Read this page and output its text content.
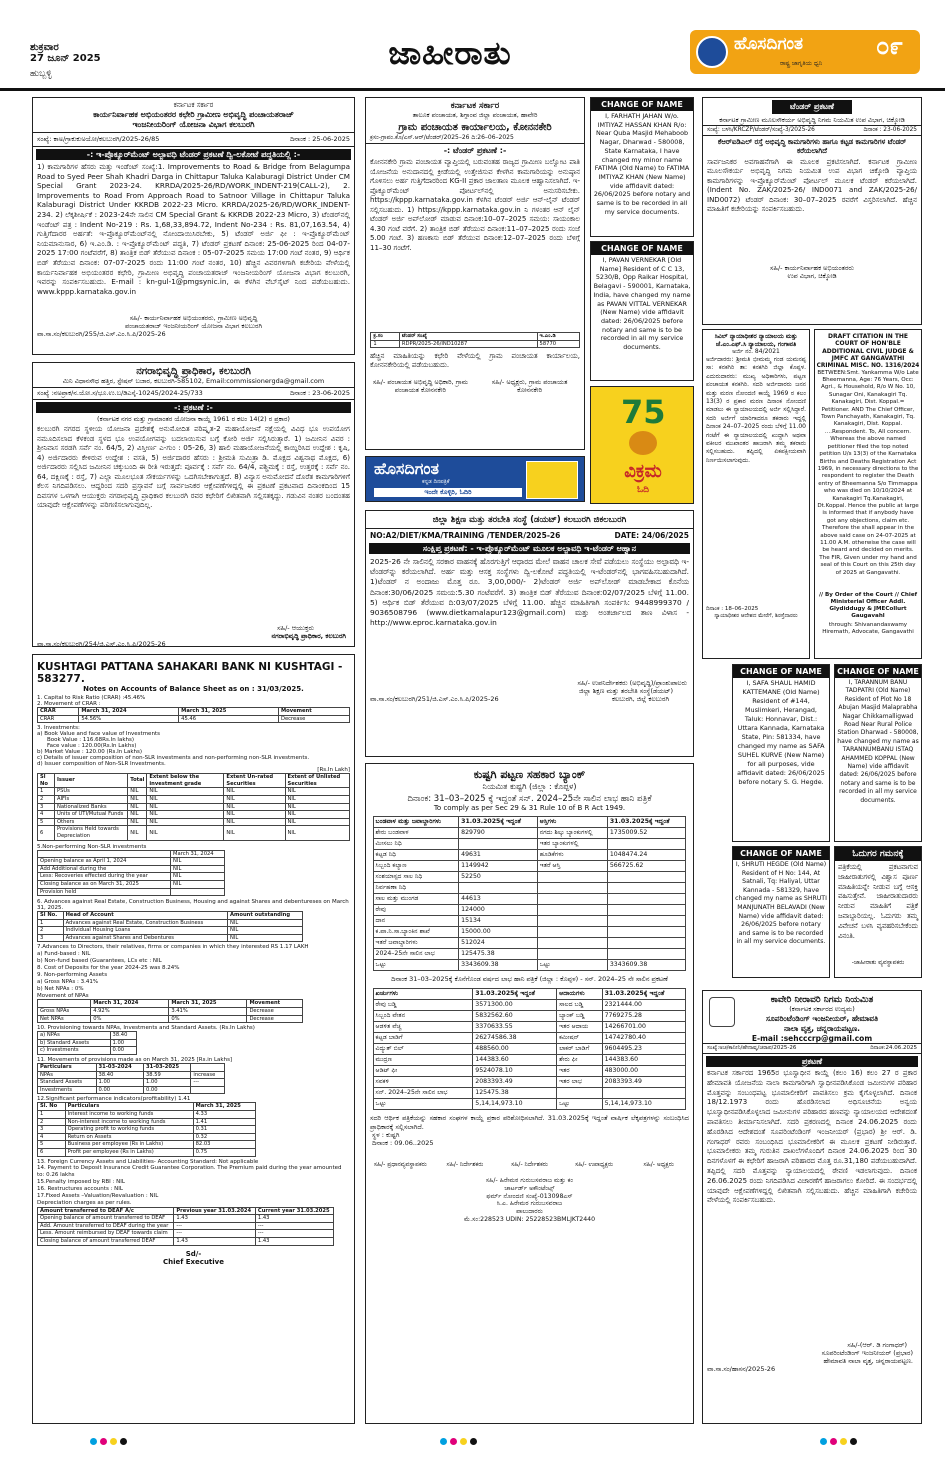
ಶುಕ್ರವಾರ
27 ಜೂನ್ 2025
ಹುಬ್ಬಳ್ಳಿ
ಜಾಹೀರಾತು	ಹೊಸದಿಗಂತ
ರಾಷ್ಟ್ರ ಜಾಗೃತಿಯ ಧ್ವನಿ
೦೯
ಕರ್ನಾಟಕ ಸರ್ಕಾರ
ಕಾರ್ಯನಿರ್ವಾಹಕ ಅಭಿಯಂತರರ ಕಛೇರಿ ಗ್ರಾಮೀಣ ಅಭಿವೃದ್ಧಿ ಪಂಚಾಯತರಾಜ್
ಇಂಜನೀಯರಿಂಗ್ ಯೋಜನಾ ವಿಭಾಗ ಕಲಬುರಗಿ
ಸಂಖ್ಯೆ: ಕಾಅ/ಗ್ರಾಕುಕುಅಯೋ/ಕಲಬುರಗಿ/2025-26/85	ದಿನಾಂಕ : 25-06-2025
-: ಇ-ಪ್ರೊಕ್ಯೂರ್‌ಮೆಂಟ್ ಅಲ್ಪಾವಧಿ ಟೆಂಡರ್ ಪ್ರಕಟಣೆ ದ್ವಿ-ಲಕೋಟೆ ಪದ್ಧತಿಯಲ್ಲಿ :-
1) ಕಾಮಗಾರಿಗಳ ಹೆಸರು ಮತ್ತು ಇಂಡೆಂಟ್ ಸಂಖ್ಯೆ:1. Improvements to Road & Bridge from Belagumpa Road to Syed Peer Shah Khadri Darga in Chittapur Taluka Kalaburagi District Under CM Special Grant 2023-24. KRRDA/2025-26/RD/WORK_INDENT-219(CALL-2), 2. Improvements to Road From Approach Road to Satnoor Village in Chittapur Taluka Kalaburagi District Under KKRDB 2022-23 Micro. KRRDA/2025-26/RD/WORK_INDENT-234. 2) ಲೆಕ್ಕಶೀರ್ಷಿಕೆ : 2023-24ನೇ ಸಾಲಿನ CM Special Grant & KKRDB 2022-23 Micro, 3) ಟೆಂಡರ್‌ನಲ್ಲಿ ಇಂಡೆಂಟ್ ಪತ್ರ : Indent No-219 : Rs. 1,68,33,894.72, Indent No-234 : Rs. 81,07,163.54, 4) ಗುತ್ತಿಗೆದಾರರ ಅರ್ಹತೆ: ಇ-ಪ್ರೊಕ್ಯೂರ್‌ಮೆಂಟ್‌ನಲ್ಲಿ ನೋಂದಾಯಿಸಿರಬೇಕು, 5) ಟೆಂಡರ್ ಅರ್ಜಿ ಫೀ : ಇ-ಪ್ರೊಕ್ಯೂರ್‌ಮೆಂಟ್ ನಿಯಮಾನುಸಾರ, 6) ಇ.ಎಂ.ಡಿ. : ಇ-ಪ್ರೊಕ್ಯೂರ್‌ಮೆಂಟ್ ಪದ್ಧತಿ, 7) ಟೆಂಡರ್ ಪ್ರಕಟಣೆ ದಿನಾಂಕ: 25-06-2025 ರಿಂದ 04-07-2025 17:00 ಗಂಟೆವರೆಗೆ, 8) ತಾಂತ್ರಿಕ ಬಿಡ್ ತೆರೆಯುವ ದಿನಾಂಕ : 05-07-2025 ಸಮಯ 17:00 ಗಂಟೆ ನಂತರ, 9) ಆರ್ಥಿಕ ಬಿಡ್ ತೆರೆಯುವ ದಿನಾಂಕ: 07-07-2025 ರಂದು 11:00 ಗಂಟೆ ನಂತರ, 10) ಹೆಚ್ಚಿನ ವಿವರಗಳಿಗಾಗಿ ಕಚೇರಿಯ ವೇಳೆಯಲ್ಲಿ ಕಾರ್ಯನಿರ್ವಾಹಕ ಅಭಿಯಂತರರ ಕಛೇರಿ, ಗ್ರಾಮೀಣ ಅಭಿವೃದ್ಧಿ ಪಂಚಾಯತರಾಜ್ ಇಂಜನೀಯರಿಂಗ್ ಯೋಜನಾ ವಿಭಾಗ ಕಲಬುರಗಿ, ಇವರನ್ನು ಸಂಪರ್ಕಿಸಬಹುದು. E-mail : kn-gul-1@pmgsynic.in, ಈ ಕೆಳಗಿನ ವೆಬ್‌ಸೈಟ್ ನಿಂದ ಪಡೆಯಬಹುದು. www.kppp.karnataka.gov.in
ಸಹಿ/- ಕಾರ್ಯನಿರ್ವಾಹಕ ಅಭಿಯಂತರರು, ಗ್ರಾಮೀಣ ಅಭಿವೃದ್ಧಿ
ಪಂಚಾಯತರಾಜ್ ಇಂಜನೀಯರಿಂಗ್ ಯೋಜನಾ ವಿಭಾಗ ಕಲಬುರಗಿ
ವಾ.ಸಾ.ಸಂ/ಕಲಬುರಗಿ/255/ಜಿ.ಎಸ್.ಎಂ.ಸಿ.ಪಿ/2025-26
ನಗರಾಭಿವೃದ್ಧಿ ಪ್ರಾಧಿಕಾರ, ಕಲಬುರಗಿ
ಮಿನಿ ವಿಧಾನಸೌಧ ಹತ್ತಿರ, ಸ್ಟೇಷನ್ ಬಜಾರ, ಕಲಬುರಗಿ-585102, Email:commissionergda@gmail.com
ಸಂಖ್ಯೆ :ನಅಪ್ರಾಕ/ನ.ಯೋ.ಸ/ಭೂ.ಉ.ಬ/ಡಿಎಸ್ಕೆ-10245/2024-25/733	ದಿನಾಂಕ : 23-06-2025
-: ಪ್ರಕಟಣೆ :-
(ಕರ್ನಾಟಕ ನಗರ ಮತ್ತು ಗ್ರಾಮಾಂತರ ಯೋಜನಾ ಕಾಯ್ದೆ 1961 ರ ಕಲಂ 14(2) ರ ಪ್ರಕಾರ)
ಕಲಬುರಗಿ ನಗರದ ಸ್ಥಳೀಯ ಯೋಜನಾ ಪ್ರದೇಶಕ್ಕೆ ಅನುಮೋದಿತ ಪರಿಷ್ಕೃತ-2 ಮಹಾಯೋಜನೆ ನಕ್ಷೆಯಲ್ಲಿ ವಿವಿಧ ಭೂ ಉಪಯೋಗ ನಮೂದಿಸಲಾದ ಕೆಳಕಂಡ ಸ್ಥಳದ ಭೂ ಉಪಯೋಗವನ್ನು ಬದಲಾಯಿಸುವ ಬಗ್ಗೆ ಕೋರಿ ಅರ್ಜಿ ಸಲ್ಲಿಸಿರುತ್ತಾರೆ. 1) ಜಮೀನಿನ ವಿವರ : ಶ್ರೀನಿವಾಸ ಸರಡಗಿ ಸರ್ವೆ ನಂ. 64/5, 2) ವಿಸ್ತೀರ್ಣ ಎ-ಗುಂ : 05-26, 3) ಹಾಲಿ ಮಹಾಯೋಜನೆಯಲ್ಲಿ ಕಾಯ್ದಿರಿಸಿದ ಉದ್ದೇಶ : ಕೃಷಿ, 4) ಅರ್ಜಿದಾರರು ಕೇಳಿರುವ ಉದ್ದೇಶ : ವಸತಿ, 5) ಅರ್ಜಿದಾರರ ಹೆಸರು : ಶ್ರೀಮತಿ ಸುಮಿತ್ರಾ ಡಿ. ಮೊಕ್ಷದ ವಿಶ್ವನಾಥ ಮೊಕ್ಷದ, 6) ಅರ್ಜಿದಾರರು ಸಲ್ಲಿಸಿದ ಜಮೀನಿನ ಚಕ್ಕುಬಂದಿ ಈ ರೀತಿ ಇರುತ್ತದೆ: ಪೂರ್ವಕ್ಕೆ : ಸರ್ವೆ ನಂ. 64/4, ಪಶ್ಚಿಮಕ್ಕೆ : ರಸ್ತೆ, ಉತ್ತರಕ್ಕೆ : ಸರ್ವೆ ನಂ. 64, ದಕ್ಷಿಣಕ್ಕೆ : ರಸ್ತೆ, 7) ಎಲ್ಲಾ ಮೂಲಭೂತ ಸೌಕರ್ಯಗಳನ್ನು ಒದಗಿಸಬೇಕಾಗುತ್ತದೆ. 8) ವಿನ್ಯಾಸ ಅನುಮೋದನೆ ದೊರೆತ ಕಾಮಗಾರಿಗಳಿಗೆ ಕೆಲಸ ನಿಗದಿಪಡಿಸಲು. ಆದ್ದರಿಂದ ಸದರಿ ಪ್ರಸ್ತಾವನೆ ಬಗ್ಗೆ ಸಾರ್ವಜನಿಕರ ಆಕ್ಷೇಪಣೆಗಳಿದ್ದಲ್ಲಿ ಈ ಪ್ರಕಟಣೆ ಪ್ರಕಟವಾದ ದಿನಾಂಕದಿಂದ 15 ದಿವಸಗಳ ಒಳಗಾಗಿ ಆಯುಕ್ತರು ನಗರಾಭಿವೃದ್ಧಿ ಪ್ರಾಧಿಕಾರ ಕಲಬುರಗಿ ರವರ ಕಛೇರಿಗೆ ಲಿಖಿತವಾಗಿ ಸಲ್ಲಿಸತಕ್ಕದ್ದು. ಗಡುವಿನ ನಂತರ ಬಂದಂತಹ ಯಾವುದೇ ಆಕ್ಷೇಪಣೆಗಳನ್ನು ಪರಿಗಣಿಸಲಾಗುವುದಿಲ್ಲ.
ಸಹಿ/- ಆಯುಕ್ತರು
ನಗರಾಭಿವೃದ್ಧಿ ಪ್ರಾಧಿಕಾರ, ಕಲಬುರಗಿ
ವಾ.ಸಾ.ಸಂ/ಕಲಬುರಗಿ/254/ಜಿ.ಎಸ್.ಎಂ.ಸಿ.ಪಿ/2025-26
KUSHTAGI PATTANA SAHAKARI BANK NI KUSHTAGI - 583277.
Notes on Accounts of Balance Sheet as on : 31/03/2025.
1. Capital to Risk Ratio (CRAR) :45.46%
2. Movement of CRAR :
CRAR	March 31, 2024	March 31, 2025	Movement
CRAR	54.56%	45.46	Decrease
3. Investments:
a) Book Value and face value of Investments
Book Value : 116.68Rs.In lakhs)
Face value : 120.00(Rs.In Lakhs)
b) Market Value : 120.00 (Rs.In Lakhs)
c) Details of issuer composition of non-SLR investments and non-performing non-SLR investments.
d) Issuer composition of Non-SLR Investments.
[Rs.In Lakh]
Sl No	Issuer	Total	Extent below the investment grade	Extent Un-rated Securities	Extent of Unlisted Securities
1	PSUs	NIL	NIL	NIL	NIL
2	AIFIs	NIL	NIL	NIL	NIL
3	Nationalized Banks	NIL	NIL	NIL	NIL
4	Units of UTI/Mutual Funds	NIL	NIL	NIL	NIL
5	Others	NIL	NIL	NIL	NIL
6	Provisions Held towards Depreciation	NIL	NIL	NIL	NIL
5.Non-performing Non-SLR investments
	March 31, 2024
Opening balance as April 1, 2024	NIL
Add Additional during the	NIL
Less: Recoveries effected during the year	NIL
Closing balance as on March 31, 2025	NIL
Provision held	
6. Advances against Real Estate, Construction Business, Housing and against Shares and debentureses on March 31, 2025.
Sl No.	Head of Account	Amount outstanding
1	Advances against Real Estate, Construction Business	NIL
2	Individual Housing Loans	NIL
3	Advances against Shares and Debentures	NIL
7.Advances to Directors, their relatives, firms or companies in which they interested RS 1.17 LAKH
a) Fund-based : NIL
b) Non-fund based (Guarantees, LCs etc : NIL
8. Cost of Deposits for the year 2024-25 was 8.24%
9. Non-performing Assets
a) Gross NPAs : 3.41%
b) Net NPAs : 0%
Movement of NPAs
	March 31, 2024	March 31, 2025	Movement
Gross NPAs	4.92%	3.41%	Decrease
Net NPAs	0%	0%	Decrease
10. Provisioning towards NPAs, Investments and Standard Assets. (Rs.In Lakhs)
a) NPAs	38.40
b) Standard Assets	1.00
c) Investments	0.00
11. Movements of provisions made as on March 31, 2025 [Rs.in Lakhs]
Particulars	31-03-2024	31-03-2025	
NPAs	38.40	38.59	increase
Standard Assets	1.00	1.00	---
Investments	0.00	0.00	
12.Significant performance indicators(profitability) 1.41
Sl. No	Particulars	March 31, 2025
1	Interest income to working funds	4.33
2	Non-interest income to working funds	1.41
3	Operating profit to working funds	0.31
4	Return on Assets	0.32
5	Business per employee (Rs in Lakhs)	82.03
6	Profit per employee (Rs in Lakhs)	0.75
13. Foreign Currency Assets and Liabilities- Accounting Standard: Not applicable
14. Payment to Deposit Insurance Credit Guarantee Corporation. The Premium paid during the year amounted to: 0.26 lakhs
15.Penalty imposed by RBI : NIL
16. Restructures accounts : NIL
17.Fixed Assets –Valuation/Revaluation : NIL
Depreciation charges as per rules.
Amount transferred to DEAF A/c	Previous year 31.03.2024	Current year 31.03.2025
Opening balance of amount transferred to DEAF	1.43	1.43
Add. Amount transferred to DEAF during the year	---	---
Less. Amount reimbursed by DEAF towards claim	---	---
Closing balance of amount transferred DEAF	1.43	1.43
Sd/-
Chief Executive
ಕರ್ನಾಟಕ ಸರ್ಕಾರ
ತಾಲೂಕ ಪಂಚಾಯತ, ಶಿಗ್ಗಾಂವ ಜಿಲ್ಲಾ ಪಂಚಾಯತ, ಹಾವೇರಿ
ಗ್ರಾಮ ಪಂಚಾಯತ ಕಾರ್ಯಾಲಯ, ಕೋನನಕೇರಿ
ಕ್ರಸಂ-ಗ್ರಾಪಂ.ಕೊ/ಎಸ್.ಆರ್/ಟೆಂಡರ್/2025–26 ದಿ:26–06–2025
-: ಟೆಂಡರ್ ಪ್ರಕಟಣೆ :-
ಕೋನನಕೇರಿ ಗ್ರಾಮ ಪಂಚಾಯತ ವ್ಯಾಪ್ತಿಯಲ್ಲಿ ಬರುವಂತಹ ರಾಜ್ಯದ ಗ್ರಾಮೀಣ ಬಲ್ವೋಟ ಪಾತಿ ಯೋಜನೆಯ ಅನುದಾನದಲ್ಲಿ ಕ್ರೀಡೆಯಲ್ಲಿ ಉತ್ತೇಜಿಸುವ ಕೇಳಗಿನ ಕಾಮಗಾರಿಯನ್ನು ಅನುಷ್ಠಾನ ಗೊಳಿಸಲು ಅರ್ಹ ಗುತ್ತಿಗೆದಾರರಿಂದ KG-II ಪ್ರಕಾರ ಜಾಲತಾಣ ಮೂಲಕ ಆಹ್ವಾನಿಸಲಾಗಿದೆ. ಇ-ಪ್ರೊಕ್ಯೂರ್‌ಮೆಂಟ್ ಪೋರ್ಟಲ್‌ನಲ್ಲಿ ಅನುಸರಿಸಬೇಕು. https://kppp.karnataka.gov.in ಕೆಳಗಿನ ಟೆಂಡರ್ ಅರ್ಜಿ ಆನ್-ಲೈನ್ ಟೆಂಡರ್ ಸಲ್ಲಿಸಬಹುದು. 1) https://kppp.karnataka.gov.in ನಿ ಗಳಂತರ ಆನ್ ಲೈನ್ ಟೆಂಡರ್ ಅರ್ಜಿ ಅಪ್‌ಲೋಡ್ ಮಾಡುವ ದಿನಾಂಕ:10–07–2025 ಸಮಯ: ಸಾಯಂಕಾಲ 4.30 ಗಂಟೆ ವರೆಗೆ. 2) ತಾಂತ್ರಿಕ ಬಿಡ್ ತೆರೆಯುವ ದಿನಾಂಕ:11–07–2025 ರಂದು ಸಂಜೆ 5.00 ಗಂಟೆ. 3) ಹಣಕಾಸು ಬಿಡ್ ತೆರೆಯುವ ದಿನಾಂಕ:12–07–2025 ರಂದು ಬೆಳಿಗ್ಗೆ 11–30 ಗಂಟೆಗೆ.
ಕ್ರ.ಸಂ	ಟೆಂಡರ್ ಸಂಖ್ಯೆ	ಇ.ಎಂ.ಡಿ
1	RDPR/2025-26/IND10287	58770
ಹೆಚ್ಚಿನ ಮಾಹಿತಿಯನ್ನು ಕಛೇರಿ ವೇಳೆಯಲ್ಲಿ ಗ್ರಾಮ ಪಂಚಾಯತ ಕಾರ್ಯಾಲಯ, ಕೋನನಕೇರಿಯಲ್ಲಿ ಪಡೆಯಬಹುದು.
ಸಹಿ/- ಪಂಚಾಯತ ಅಭಿವೃದ್ಧಿ ಅಧಿಕಾರಿ, ಗ್ರಾಮ ಪಂಚಾಯತ ಕೋನನಕೇರಿ
ಸಹಿ/- ಅಧ್ಯಕ್ಷರು, ಗ್ರಾಮ ಪಂಚಾಯತ ಕೋನನಕೇರಿ
CHANGE OF NAME
I, FARHATH JAHAN W/o. IMTIYAZ HASSAN KHAN R/o: Near Quba Masjid Mehaboob Nagar, Dharwad - 580008, State Karnataka, I have changed my minor name FATIMA (Old Name) to FATIMA IMTIYAZ KHAN (New Name) vide affidavit dated: 26/06/2025 before notary and same is to be recorded in all my service documents.
CHANGE OF NAME
I, PAVAN VERNEKAR [Old Name] Resident of C C 13, 5230/B, Opp Raikar Hospital, Belagavi - 590001, Karnataka, India, have changed my name as PAVAN VITTAL VERNEKAR (New Name) vide affidavit dated: 26/06/2025 before notary and same is to be recorded in all my service documents.
ಹೊಸದಿಗಂತ
ಕನ್ನಡ ದಿನಪತ್ರಿಕೆ
ಇಂದೇ ಕೊಳ್ಳಿರಿ, ಓದಿರಿ
75
ವಿಕ್ರಮ
ಓದಿ
ಜಿಲ್ಲಾ ಶಿಕ್ಷಣ ಮತ್ತು ತರಬೇತಿ ಸಂಸ್ಥೆ (ಡಯಟ್) ಕಲಬುರಗಿ ಜಿಕಲಬುರಗಿ
NO:A2/DIET/KMA/TRAINING /TENDER/2025-26	DATE: 24/06/2025
ಸಂಕ್ಷಿಪ್ತ ಪ್ರಕಟಣೆ: - ಇ-ಪ್ರೊಕ್ಯೂರ್‌ಮೆಂಟ್ ಮೂಲಕ ಅಲ್ಪಾವಧಿ ಇ-ಟೆಂಡರ್ ಆಹ್ವಾನ
2025-26 ನೇ ಸಾಲಿನಲ್ಲಿ ಸರಕಾರ ವಾಹನಕ್ಕೆ ಹೊರಗುತ್ತಿಗೆ ಆಧಾರದ ಮೇಲೆ ವಾಹನ ಚಾಲಕ ಸೇವೆ ಪಡೆಯಲು ಸಂಸ್ಥೆಯು ಅಲ್ಪಾವಧಿ ಇ-ಟೆಂಡರ್‌ನ್ನು ಕರೆಯಲಾಗಿದೆ. ಅರ್ಹ ಮತ್ತು ಆಸಕ್ತ ಸಂಸ್ಥೆಗಳು ದ್ವಿ-ಲಕೋಟೆ ಪದ್ಧತಿಯಲ್ಲಿ ಇ-ಟೆಂಡರ್‌ನಲ್ಲಿ ಭಾಗವಹಿಸಬಹುದಾಗಿದೆ. 1)ಟೆಂಡರ್ ನ ಅಂದಾಜು ಮೊತ್ತ ರೂ. 3,00,000/- 2)ಟೆಂಡರ್ ಅರ್ಜಿ ಅಪ್‌ಲೋಡ್ ಮಾಡಬೇಕಾದ ಕೊನೆಯ ದಿನಾಂಕ:30/06/2025 ಸಮಯ:5.30 ಗಂಟೆವರೆಗೆ. 3) ತಾಂತ್ರಿಕ ಬಿಡ್ ತೆರೆಯುವ ದಿನಾಂಕ:02/07/2025 ಬೆಳಿಗ್ಗೆ 11.00. 5) ಆರ್ಥಿಕ ಬಿಡ್ ತೆರೆಯುವ ದಿ:03/07/2025 ಬೆಳಿಗ್ಗೆ 11.00. ಹೆಚ್ಚಿನ ಮಾಹಿತಿಗಾಗಿ ಸಂಪರ್ಕಿಸಿ: 9448999370 / 9036508796 (www.dietkamalapur123@gmail.com) ಮತ್ತು ಅಂತರ್ಜಾಲದ ತಾಣ ವಿಳಾಸ - http://www.eproc.karnataka.gov.in
ಸಹಿ/- ಉಪನಿರ್ದೇಶಕರು (ಅಭಿವೃದ್ಧಿ)/ಪ್ರಾಂಶುಪಾಲರು
ಜಿಲ್ಲಾ ಶಿಕ್ಷಣ ಮತ್ತು ತರಬೇತಿ ಸಂಸ್ಥೆ(ಡಯಟ್)
ವಾ.ಸಾ.ಸಂ/ಕಲಬುರಗಿ/251/ಜಿ.ಎಸ್.ಎಂ.ಸಿ.ಪಿ/2025-26	ಕಲಬುರಗಿ, ಜಿಲ್ಲೆ ಕಲಬುರಗಿ
ಕುಷ್ಟಗಿ ಪಟ್ಟಣ ಸಹಕಾರ ಬ್ಯಾಂಕ್
ನಿಯಮಿತ ಕುಷ್ಟಗಿ (ಜಿಲ್ಲಾ : ಕೊಪ್ಪಳ)
ದಿನಾಂಕ: 31–03–2025 ಕ್ಕೆ ಇದ್ದಂತೆ ಸನ್. 2024–25ನೇ ಸಾಲಿನ ಲಾಭ ಹಾನಿ ಪತ್ರಿಕೆ
To comply as per Sec 29 & 31 Rule 10 of B R Act 1949.
ಬಂಡವಾಳ ಮತ್ತು ಜವಾಬ್ದಾರಿಗಳು	31.03.2025ಕ್ಕೆ ಇದ್ದಂತೆ	ಆಸ್ತಿಗಳು	31.03.2025ಕ್ಕೆ ಇದ್ದಂತೆ
ಶೇರು ಬಂಡವಾಳ	829790	ನಗದು ಶಿಲ್ಕು ಬ್ಯಾಂಕುಗಳಲ್ಲಿ	1735009.52
ಮೀಸಲು ನಿಧಿ		ಇತರ ಬ್ಯಾಂಕುಗಳಲ್ಲಿ	
ಕಟ್ಟಡ ನಿಧಿ	49631	ಹೂಡಿಕೆಗಳು	1048474.24
ಸಿಬ್ಬಂದಿ ಕಲ್ಯಾಣ	1149942	ಇತರೆ ಆಸ್ತಿ	566725.62
ಸಂಶಯಾಸ್ಪದ ಸಾಲ ನಿಧಿ	52250		
ನಿರ್ವಹಣಾ ನಿಧಿ			
ಸಾಲ ಮತ್ತು ಮುಂಗಡ	44613		
ಠೇವು	124000		
ದಾನ	15134		
ಕ.ಪಾ.ನಿ.ಸಾ.ಬ್ಯಾಂಕಿನ ಶಾಖೆ	15000.00		
ಇತರೆ ಜವಾಬ್ದಾರಿಗಳು	512024		
2024–25ನೇ ಸಾಲಿನ ಲಾಭ	125475.38		
ಒಟ್ಟು	3343609.38	ಒಟ್ಟು	3343609.38
ದಿನಾಂಕ 31–03–2025ಕ್ಕೆ ಕೊನೆಗೊಂಡ ವರ್ಷದ ಲಾಭ ಹಾನಿ ಪತ್ರಿಕೆ (ಜಿಲ್ಲಾ : ಕೊಪ್ಪಳ) - ಸನ್. 2024–25 ನೇ ಸಾಲಿನ ಪ್ರಕಟಣೆ
ಖರ್ಚುಗಳು	31.03.2025ಕ್ಕೆ ಇದ್ದಂತೆ	ಆದಾಯಗಳು	31.03.2025ಕ್ಕೆ ಇದ್ದಂತೆ
ಠೇವು ಬಡ್ಡಿ	3571300.00	ಸಾಲದ ಬಡ್ಡಿ	2321444.00
ಸಿಬ್ಬಂದಿ ವೇತನ	5832562.60	ಬ್ಯಾಂಕ್ ಬಡ್ಡಿ	7769275.28
ಆಡಳಿತ ವೆಚ್ಚ	3370633.55	ಇತರ ಆದಾಯ	14266701.00
ಕಟ್ಟಡ ಬಾಡಿಗೆ	26274586.38	ಕಮೀಷನ್	14742780.40
ವಿದ್ಯುತ್ ಬಿಲ್	488560.00	ಲಾಕರ್ ಬಾಡಿಗೆ	9604495.23
ಮುದ್ರಣ	144383.60	ಶೇರು ಫೀ	144383.60
ಆಡಿಟ್ ಫೀ	9524078.10	ಇತರ	483000.00
ಸವಕಳಿ	2083393.49	ಇತರ ಲಾಭ	2083393.49
ಸನ್. 2024–25ನೇ ಸಾಲಿನ ಲಾಭ	125475.38		
ಒಟ್ಟು	5,14,14,973.10	ಒಟ್ಟು	5,14,14,973.10
ಸದರಿ ಆರ್ಥಿಕ ಪತ್ರಿಕೆಯನ್ನು ಸಹಕಾರ ಸಂಘಗಳ ಕಾಯ್ದೆ ಪ್ರಕಾರ ಪರಿಶೋಧಿಸಲಾಗಿದೆ. 31.03.2025ಕ್ಕೆ ಇದ್ದಂತೆ ವಾರ್ಷಿಕ ಲೆಕ್ಕಪತ್ರಗಳನ್ನು ಸಂಬಂಧಿಸಿದ ಪ್ರಾಧಿಕಾರಕ್ಕೆ ಸಲ್ಲಿಸಲಾಗಿದೆ.
ಸ್ಥಳ : ಕುಷ್ಟಗಿ
ದಿನಾಂಕ : 09.06..2025
ಸಹಿ/- ಪ್ರಧಾನವ್ಯವಸ್ಥಾಪಕರು	ಸಹಿ/- ನಿರ್ದೇಶಕರು	ಸಹಿ/- ನಿರ್ದೇಶಕರು	ಸಹಿ/- ಉಪಾಧ್ಯಕ್ಷರು	ಸಹಿ/- ಅಧ್ಯಕ್ಷರು
ಸಹಿ/- ಹಿರೇಮಠ ಗುರುಬಸವರಾಜ ಮತ್ತು ಕಂ
ಚಾರ್ಟರ್ಡ್ ಅಕೌಂಟೆಂಟ್ಸ್
ಫರ್ಮ್ ನೋಂದಣಿ ಸಂಖ್ಯೆ-013098ಎಸ್
ಸಿ.ಎ. ಹಿರೇಮಠ ಗುರುಬಸವರಾಜ
ಪಾಲುದಾರರು
ಮೆ.ಸಂ:228523 UDIN: 25228523BMLJKT2440
ಟೆಂಡರ್ ಪ್ರಕಟಣೆ
ಕರ್ನಾಟಕ ಗ್ರಾಮೀಣ ಮೂಲಸೌಕರ್ಯ ಅಭಿವೃದ್ಧಿ ನಿಗಮ ನಿಯಮಿತ ಉಪ ವಿಭಾಗ, ಚಿಕ್ಕೋಡಿ
ಸಂಖ್ಯೆ: ಬಳಸಿ/KRCZP/ಟೆಂಡರ್/ಸಂಖ್ಯೆ-3/2025-26	ದಿನಾಂಕ : 23-06-2025
ಕೆಆರ್‌ಐಡಿಎಲ್ ರಸ್ತೆ ಅಭಿವೃದ್ಧಿ ಕಾಮಗಾರಿಗಳು ಹಾಗೂ ಕಟ್ಟಡ ಕಾಮಗಾರಿಗಳ ಟೆಂಡರ್ ಕರೆಯಲಾಗಿದೆ
ಸಾರ್ವಜನಿಕರ ಅವಗಾಹನೆಗಾಗಿ ಈ ಮೂಲಕ ಪ್ರಕಟಿಸಲಾಗಿದೆ. ಕರ್ನಾಟಕ ಗ್ರಾಮೀಣ ಮೂಲಸೌಕರ್ಯ ಅಭಿವೃದ್ಧಿ ನಿಗಮ ನಿಯಮಿತ ಉಪ ವಿಭಾಗ ಚಿಕ್ಕೋಡಿ ವ್ಯಾಪ್ತಿಯ ಕಾಮಗಾರಿಗಳನ್ನು ಇ-ಪ್ರೊಕ್ಯೂರ್‌ಮೆಂಟ್ ಪೋರ್ಟಲ್ ಮೂಲಕ ಟೆಂಡರ್ ಕರೆಯಲಾಗಿದೆ. (Indent No. ZAK/2025-26/ IND0071 and ZAK/2025-26/ IND0072) ಟೆಂಡರ್ ದಿನಾಂಕ: 30–07–2025 ರವರೆಗೆ ವಿಸ್ತರಿಸಲಾಗಿದೆ. ಹೆಚ್ಚಿನ ಮಾಹಿತಿಗೆ ಕಚೇರಿಯನ್ನು ಸಂಪರ್ಕಿಸಬಹುದು.
ಸಹಿ/- ಕಾರ್ಯನಿರ್ವಾಹಕ ಅಭಿಯಂತರರು
ಉಪ ವಿಭಾಗ, ಚಿಕ್ಕೋಡಿ
ಸಿವಿಲ್ ನ್ಯಾಯಾಧೀಶರ ನ್ಯಾಯಾಲಯ ಮತ್ತು ಜೆ.ಎಂ.ಎಫ್.ಸಿ ನ್ಯಾಯಾಲಯ, ಗಂಗಾವತಿ
ಅರ್ಜಿ ನಂ. 84/2021
ಅರ್ಜಿದಾರರು: ಶ್ರೀಮತಿ ಭೀಮಮ್ಮ ಗಂಡ ಯಮನಪ್ಪ ಸಾ: ಕನಕಗಿರಿ ತಾ: ಕನಕಗಿರಿ ಜಿಲ್ಲಾ ಕೊಪ್ಪಳ. ಎದುರುದಾರರು: ಮುಖ್ಯ ಅಧಿಕಾರಿಗಳು, ಪಟ್ಟಣ ಪಂಚಾಯತ ಕನಕಗಿರಿ. ಸದರಿ ಅರ್ಜಿದಾರರು ಜನನ ಮತ್ತು ಮರಣ ನೋಂದಣಿ ಕಾಯ್ದೆ 1969 ರ ಕಲಂ 13(3) ರ ಪ್ರಕಾರ ಮರಣ ದಿನಾಂಕ ನೋಂದಣಿ ಮಾಡಲು ಈ ನ್ಯಾಯಾಲಯದಲ್ಲಿ ಅರ್ಜಿ ಸಲ್ಲಿಸಿದ್ದಾರೆ. ಸದರಿ ಅರ್ಜಿಗೆ ಯಾರಿಗಾದರೂ ತಕರಾರು ಇದ್ದಲ್ಲಿ ದಿನಾಂಕ 24–07–2025 ರಂದು ಬೆಳಿಗ್ಗೆ 11.00 ಗಂಟೆಗೆ ಈ ನ್ಯಾಯಾಲಯದಲ್ಲಿ ಖುದ್ದಾಗಿ ಅಥವಾ ವಕೀಲರ ಮುಖಾಂತರ ಹಾಜರಾಗಿ ತಮ್ಮ ತಕರಾರು ಸಲ್ಲಿಸಬಹುದು. ತಪ್ಪಿದಲ್ಲಿ ಏಕಪಕ್ಷೀಯವಾಗಿ ನಿರ್ಣಯಿಸಲಾಗುವುದು.
ದಿನಾಂಕ : 18–06–2025
ನ್ಯಾಯಾಧೀಶರ ಆದೇಶದ ಮೇರೆಗೆ, ಶಿರಸ್ತೆದಾರರು
DRAFT CITATION IN THE COURT OF HON'BLE ADDITIONAL CIVIL JUDGE & JMFC AT GANGAVATHI
CRIMINAL MISC. NO. 1316/2024
BETWEEN:Smt. Yankamma W/o Late Bheemanna, Age: 76 Years, Occ: Agri., & Household, R/o W No. 10, Sunagar Oni, Kanakagiri Tq. Kanakagiri, Dist. Koppal.= Petitioner. AND The Chief Officer, Town Panchayath, Kanakagiri, Tq. Kanakagiri, Dist. Koppal. ....Respondent. To, All concern. Whereas the above named petitioner filed the top noted petition U/s 13(3) of the Karnataka Births and Deaths Registration Act 1969, in necessary directions to the respondent to register the Death entry of Bheemanna S/o Timmappa who was died on 10/10/2024 at Kanakagiri Tq.Kanakagiri, Dt.Koppal. Hence the public at large is informed that if anybody have got any objections, claim etc. Therefore the shall appear in the above said case on 24-07-2025 at 11.00 A.M. otherwise the case will be heard and decided on merits. The FIR, Given under my hand and seal of this Court on this 25th day of 2025 at Gangavathi.
// By Order of the Court // Chief Ministerial Officer Addl. Glydiddugy & JMECollurt Gaugavahl
through: Shivanandaswamy Hiremath, Advocate, Gangavathi
CHANGE OF NAME
I, SAFA SHAUL HAMID KATTEMANE (Old Name) Resident of #144, Muslimkeri, Herangad, Taluk: Honnavar, Dist.: Uttara Kannada, Karnataka State, Pin: 581334, have changed my name as SAFA SUHEL KURVE (New Name) for all purposes, vide affidavit dated: 26/06/2025 before notary S. G. Hegde.
CHANGE OF NAME
I, TARANNUM BANU TADPATRI (Old Name) Resident of Plot No 18 Abujan Masjid Malaprabha Nagar Chikkamalligwad Road Near Rural Police Station Dharwad - 580008, have changed my name as TARANNUMBANU ISTAQ AHAMMED KOPPAL (New Name) vide affidavit dated: 26/06/2025 before notary and same is to be recorded in all my service documents.
CHANGE OF NAME
I, SHRUTI HEGDE (Old Name) Resident of H No: 144, At Satnali, Tq: Haliyal, Uttar Kannada - 581329, have changed my name as SHRUTI MANJUNATH BELAVADI (New Name) vide affidavit dated: 26/06/2025 before notary and same is to be recorded in all my service documents.
ಓದುಗರ ಗಮನಕ್ಕೆ
ಪತ್ರಿಕೆಯಲ್ಲಿ ಪ್ರಕಟವಾಗುವ ಜಾಹೀರಾತುಗಳಲ್ಲಿ ವಿಶ್ವಾಸ ಪೂರ್ಣ ಮಾಹಿತಿಯನ್ನೇ ನೀಡುವ ಬಗ್ಗೆ ಆಸಕ್ತಿ ವಹಿಸುತ್ತೇವೆ. ಜಾಹೀರಾತುದಾರರು ನೀಡುವ ಮಾಹಿತಿಗೆ ಪತ್ರಿಕೆ ಜವಾಬ್ದಾರಿಯಲ್ಲ. ಓದುಗರು ತಮ್ಮ ವಿವೇಚನೆ ಬಳಸಿ ವ್ಯವಹರಿಸಬೇಕೆಂದು ವಿನಂತಿ.
-ಜಾಹೀರಾತು ವ್ಯವಸ್ಥಾಪಕರು
ಕಾವೇರಿ ನೀರಾವರಿ ನಿಗಮ ನಿಯಮಿತ
(ಕರ್ನಾಟಕ ಸರ್ಕಾರದ ಉದ್ಯಮ)
ಸೂಪರಿಂಟೆಂಡಿಂಗ್ ಇಂಜನೀಯರ್, ಹೇಮಾವತಿ
ನಾಲಾ ವೃತ್ತ, ಚನ್ನರಾಯಪಟ್ಟಣ.
E-mail :sehcccrp@gmail.com
ಸಂಖ್ಯೆ:ಅಚ/ಕಾನೀನಿ/ಹೇನಾವೃ/ಚರಾಪ/2025-26	ದಿನಾಂಕ:24.06.2025
ಪ್ರಕಟಣೆ
ಕರ್ನಾಟಕ ಸರ್ಕಾರದ 1965ರ ಭೂಸ್ವಾಧೀನ ಕಾಯ್ದೆ (ಕಲಂ 16) ಕಲಂ 27 ರ ಪ್ರಕಾರ ಹೇಮಾವತಿ ಯೋಜನೆಯ ನಾಲಾ ಕಾಮಗಾರಿಗಾಗಿ ಸ್ವಾಧೀನಪಡಿಸಿಕೊಂಡ ಜಮೀನುಗಳ ಪರಿಹಾರ ಮೊತ್ತವನ್ನು ಸಂಬಂಧಪಟ್ಟ ಭೂಮಾಲೀಕರಿಗೆ ಪಾವತಿಸಲು ಕ್ರಮ ಕೈಗೊಳ್ಳಲಾಗಿದೆ. ದಿನಾಂಕ 18/12.1973 ರಂದು ಹೊರಡಿಸಲಾದ ಅಧಿಸೂಚನೆಯ ಅನ್ವಯ ಭೂಸ್ವಾಧೀನಪಡಿಸಿಕೊಳ್ಳಲಾದ ಜಮೀನುಗಳ ಪರಿಹಾರದ ಹಣವನ್ನು ನ್ಯಾಯಾಲಯದ ಆದೇಶದಂತೆ ಪಾವತಿಸಲು ತೀರ್ಮಾನಿಸಲಾಗಿದೆ. ಸದರಿ ಪ್ರಕರಣದಲ್ಲಿ ದಿನಾಂಕ 24.06.2025 ರಂದು ಹೊರಡಿಸಿದ ಆದೇಶದಂತೆ ಸೂಪರಿಂಟೆಂಡಿಂಗ್ ಇಂಜನೀಯರ್ (ಪ್ರಭಾರ) ಶ್ರೀ ಆರ್. ಡಿ. ಗಂಗಾಧರ್ ರವರು ಸಂಬಂಧಿಸಿದ ಭೂಮಾಲೀಕರಿಗೆ ಈ ಮೂಲಕ ಪ್ರಕಟಣೆ ನೀಡಿರುತ್ತಾರೆ. ಭೂಮಾಲೀಕರು ತಮ್ಮ ಗುರುತಿನ ದಾಖಲೆಗಳೊಂದಿಗೆ ದಿನಾಂಕ 24.06.2025 ರಿಂದ 30 ದಿನಗಳೊಳಗೆ ಈ ಕಛೇರಿಗೆ ಹಾಜರಾಗಿ ಪರಿಹಾರದ ಮೊತ್ತ ರೂ.31,180 ಪಡೆಯಬಹುದಾಗಿದೆ. ತಪ್ಪಿದಲ್ಲಿ ಸದರಿ ಮೊತ್ತವನ್ನು ನ್ಯಾಯಾಲಯದಲ್ಲಿ ಠೇವಣಿ ಇಡಲಾಗುವುದು. ದಿನಾಂಕ 26.06.2025 ರಂದು ನಿಗದಿಪಡಿಸಿದ ವಿಚಾರಣೆಗೆ ಹಾಜರಾಗಲು ಕೋರಿದೆ. ಈ ಸಂದರ್ಭದಲ್ಲಿ ಯಾವುದೇ ಆಕ್ಷೇಪಣೆಗಳಿದ್ದಲ್ಲಿ ಲಿಖಿತವಾಗಿ ಸಲ್ಲಿಸಬಹುದು. ಹೆಚ್ಚಿನ ಮಾಹಿತಿಗಾಗಿ ಕಚೇರಿಯ ವೇಳೆಯಲ್ಲಿ ಸಂಪರ್ಕಿಸಬಹುದು.
ಸಹಿ/-(ಆರ್. ಡಿ ಗಂಗಾಧರ್)
ಸೂಪರಿಂಟೆಂಡಿಂಗ್ ಇಂಜನೀಯರ್ (ಪ್ರಭಾರ)
ಹೇಮಾವತಿ ನಾಲಾ ವೃತ್ತ, ಚನ್ನರಾಯಪಟ್ಟಣ.
ವಾ.ಸಾ.ಸಂ/ಹಾಸನ/2025-26
